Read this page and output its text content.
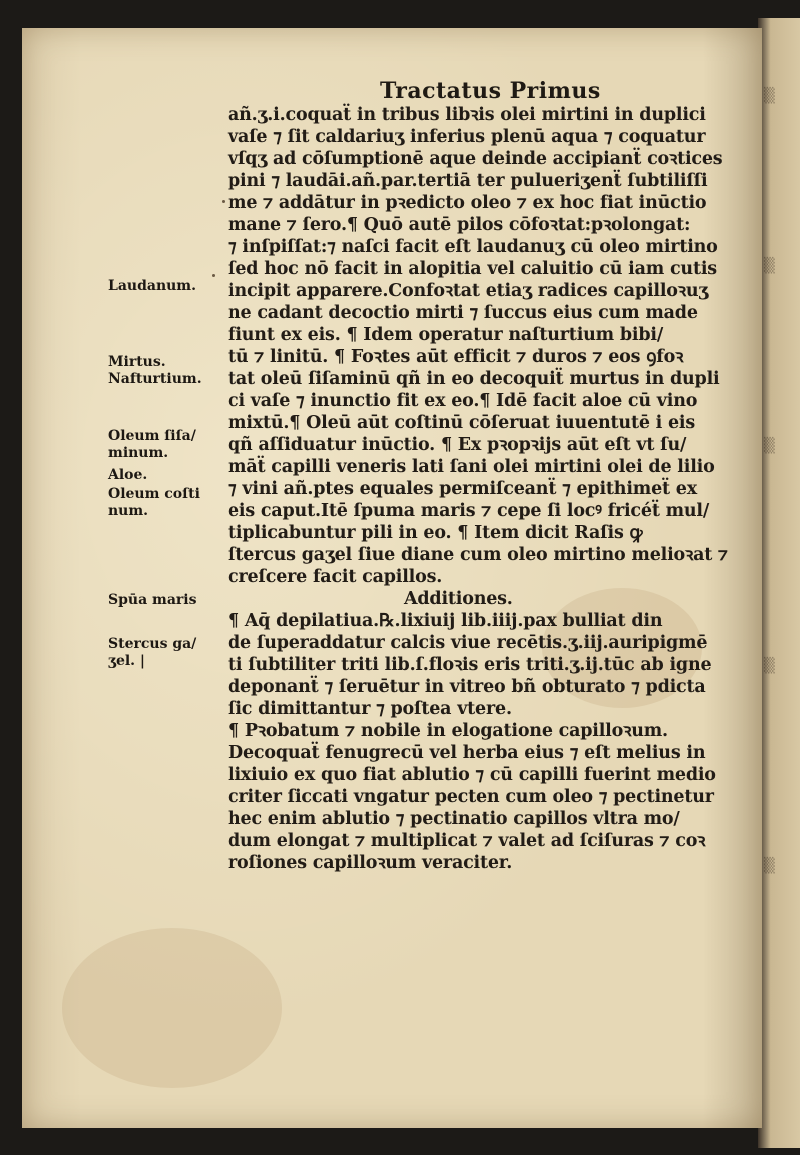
▒
▒
▒
▒
▒
Tractatus Primus
añ.ʒ.i.coquaẗ in tribus libꝛis olei mirtini in duplici
vaſe ⁊ ſit caldariuʒ inferius plenū aqua ⁊ coquatur
vſqʒ ad cōſumptionē aque deinde accipianẗ coꝛtices
pini ⁊ laudāi.añ.par.tertiā ter pulueriʒenẗ ſubtiliſſi
me ⁊ addātur in pꝛedicto oleo ⁊ ex hoc fiat inūctio
mane ⁊ ſero.¶ Quō autē pilos cōfoꝛtat:pꝛolongat:
⁊ inſpiſſat:⁊ naſci facit eſt laudanuʒ cū oleo mirtino
ſed hoc nō facit in alopitia vel caluitio cū iam cutis
incipit apparere.Confoꝛtat etiaʒ radices capilloꝛuʒ
ne cadant decoctio mirti ⁊ ſuccus eius cum made
fiunt ex eis. ¶ Idem operatur naſturtium bibi/
tū ⁊ linitū. ¶ Foꝛtes aūt efficit ⁊ duros ⁊ eos ꝯfoꝛ
tat oleū ſiſaminū qñ in eo decoquiẗ murtus in dupli
ci vaſe ⁊ inunctio fit ex eo.¶ Idē facit aloe cū vino
mixtū.¶ Oleū aūt coſtinū cōſeruat iuuentutē i eis
qñ aſſiduatur inūctio. ¶ Ex pꝛopꝛijs aūt eſt vt ſu/
māẗ capilli veneris lati ſani olei mirtini olei de lilio
⁊ vini añ.ptes equales permiſceanẗ ⁊ epithimeẗ ex
eis caput.Itē ſpuma maris ⁊ cepe ſi locꝰ fricéẗ mul/
tiplicabuntur pili in eo. ¶ Item dicit Raſis ꝙ
ſtercus gaʒel ſiue diane cum oleo mirtino melioꝛat ⁊
creſcere facit capillos.
Additiones.
¶ Aq̄ depilatiua.℞.lixiuij lib.iiij.pax bulliat din
de ſuperaddatur calcis viue recētis.ʒ.iij.auripigmē
ti ſubtiliter triti lib.ſ.floꝛis eris triti.ʒ.ij.tūc ab igne
deponanẗ ⁊ ſeruētur in vitreo bñ obturato ⁊ pdicta
ſic dimittantur ⁊ poſtea vtere.
¶ Pꝛobatum ⁊ nobile in elogatione capilloꝛum.
Decoquaẗ fenugrecū vel herba eius ⁊ eſt melius in
lixiuio ex quo fiat ablutio ⁊ cū capilli fuerint medio
criter ſiccati vngatur pecten cum oleo ⁊ pectinetur
hec enim ablutio ⁊ pectinatio capillos vltra mo/
dum elongat ⁊ multiplicat ⁊ valet ad ſciſuras ⁊ coꝛ
roſiones capilloꝛum veraciter.
Laudanum.
Mirtus.
Nafturtium.
Oleum ſiſa/
minum.
Aloe.
Oleum coſti
num.
Spūa maris
Stercus ga/
ʒel. |
